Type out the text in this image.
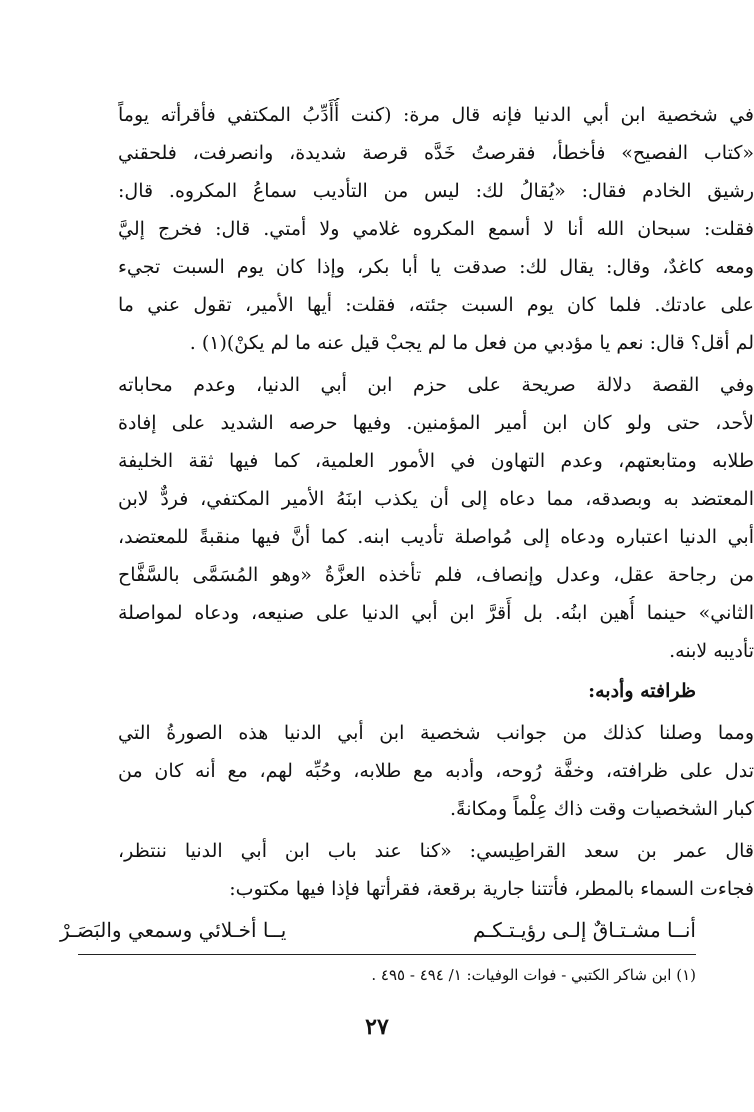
في شخصية ابن أبي الدنيا فإنه قال مرة: (كنت أُأَدِّبُ المكتفي فأقرأته يوماً
«كتاب الفصيح» فأخطأ، فقرصتُ خَدَّه قرصة شديدة، وانصرفت، فلحقني
رشيق الخادم فقال: «يُقالُ لك: ليس من التأديب سماعُ المكروه. قال:
فقلت: سبحان الله أنا لا أسمع المكروه غلامي ولا أمتي. قال: فخرج إليَّ
ومعه كاغدٌ، وقال: يقال لك: صدقت يا أبا بكر، وإذا كان يوم السبت تجيء
على عادتك. فلما كان يوم السبت جئته، فقلت: أيها الأمير، تقول عني ما
لم أقل؟ قال: نعم يا مؤدبي من فعل ما لم يجبْ قيل عنه ما لم يكنْ)(١) .
وفي القصة دلالة صريحة على حزم ابن أبي الدنيا، وعدم محاباته
لأحد، حتى ولو كان ابن أمير المؤمنين. وفيها حرصه الشديد على إفادة
طلابه ومتابعتهم، وعدم التهاون في الأمور العلمية، كما فيها ثقة الخليفة
المعتضد به وبصدقه، مما دعاه إلى أن يكذب ابنَهُ الأمير المكتفي، فردٌّ لابن
أبي الدنيا اعتباره ودعاه إلى مُواصلة تأديب ابنه. كما أنَّ فيها منقبةً للمعتضد،
من رجاحة عقل، وعدل وإنصاف، فلم تأخذه العزَّةُ «وهو المُسَمَّى بالسَّفَّاح
الثاني» حينما أُهين ابنُه. بل أَقرَّ ابن أبي الدنيا على صنيعه، ودعاه لمواصلة
تأديبه لابنه.
ظرافته وأدبه:
ومما وصلنا كذلك من جوانب شخصية ابن أبي الدنيا هذه الصورةُ التي
تدل على ظرافته، وخفَّة رُوحه، وأدبه مع طلابه، وحُبِّه لهم، مع أنه كان من
كبار الشخصيات وقت ذاك عِلْماً ومكانةً.
قال عمر بن سعد القراطِيسي: «كنا عند باب ابن أبي الدنيا ننتظر،
فجاءت السماء بالمطر، فأتتنا جارية برقعة، فقرأتها فإذا فيها مكتوب:
أنــا مشـتـاقٌ إلـى رؤيـتـكـم
يــا أخـلائي وسمعي والبَصَـرْ
(١) ابن شاكر الكتبي - فوات الوفيات: ١/ ٤٩٤ - ٤٩٥ .
٢٧
